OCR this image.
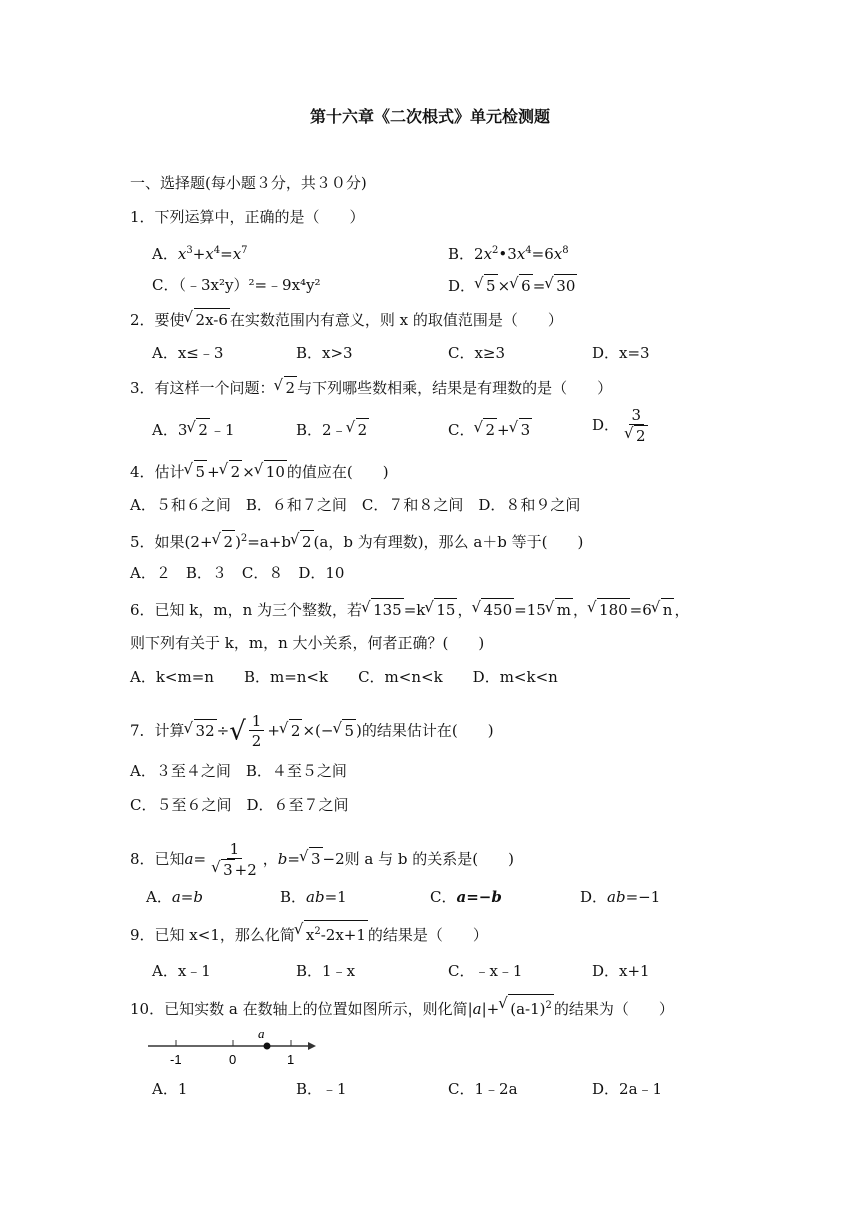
第十六章《二次根式》单元检测题
一、选择题(每小题３分，共３０分)
1．下列运算中，正确的是（　　）
A．$x^3+x^4=x^7$	B．$2x^2•3x^4=6x^8$
C．（﹣3x²y）²=﹣9x⁴y²	D． √ 5 × √ 6 = √ 30
2．要使 √ 2x-6 在实数范围内有意义，则 x 的取值范围是（　　）
A．x≤﹣3	B．x>3	C．x≥3	D．x=3
3．有这样一个问题： √ 2 与下列哪些数相乘，结果是有理数的是（　　）
A．3 √ 2 ﹣1	B．2﹣ √ 2	C． √ 2 + √ 3	D． 3
√ 2
4．估计 √ 5 + √ 2 × √ 10 的值应在(　　)
A．５和６之间　B．６和７之间　C．７和８之间　D．８和９之间
5．如果(2+ √ 2 )$^2$=a+b √ 2 (a，b 为有理数)，那么 a＋b 等于(　　)
A．２　B．３　C．８　D．10
6．已知 k，m，n 为三个整数，若 √ 135 =k √ 15 ， √ 450 =15 √ m ， √ 180 =6 √ n ，
则下列有关于 k，m，n 大小关系，何者正确？(　　)
A．k<m=n　　B．m=n<k　　C．m<n<k　　D．m<k<n
7．计算 √ 32 ÷√ $\frac{1}{2}$ + √ 2 ×(− √ 5 )的结果估计在(　　)
A．３至４之间　B．４至５之间
C．５至６之间　D．６至７之间
8．已知a= 1
√ 3 +2 ，b= √ 3 −2则 a 与 b 的关系是(　　)
A．a=b	B．ab=1	C．a=−b	D．ab=−1
9．已知 x<1，那么化简 √ $x^2-2x+1$ 的结果是（　　）
A．x﹣1	B．1﹣x	C．﹣x﹣1	D．x+1
10．已知实数 a 在数轴上的位置如图所示，则化简|a|+ √ $(a-1)^2$ 的结果为（　　）
-1	0	1
a
A．1	B．﹣1	C．1﹣2a	D．2a﹣1
